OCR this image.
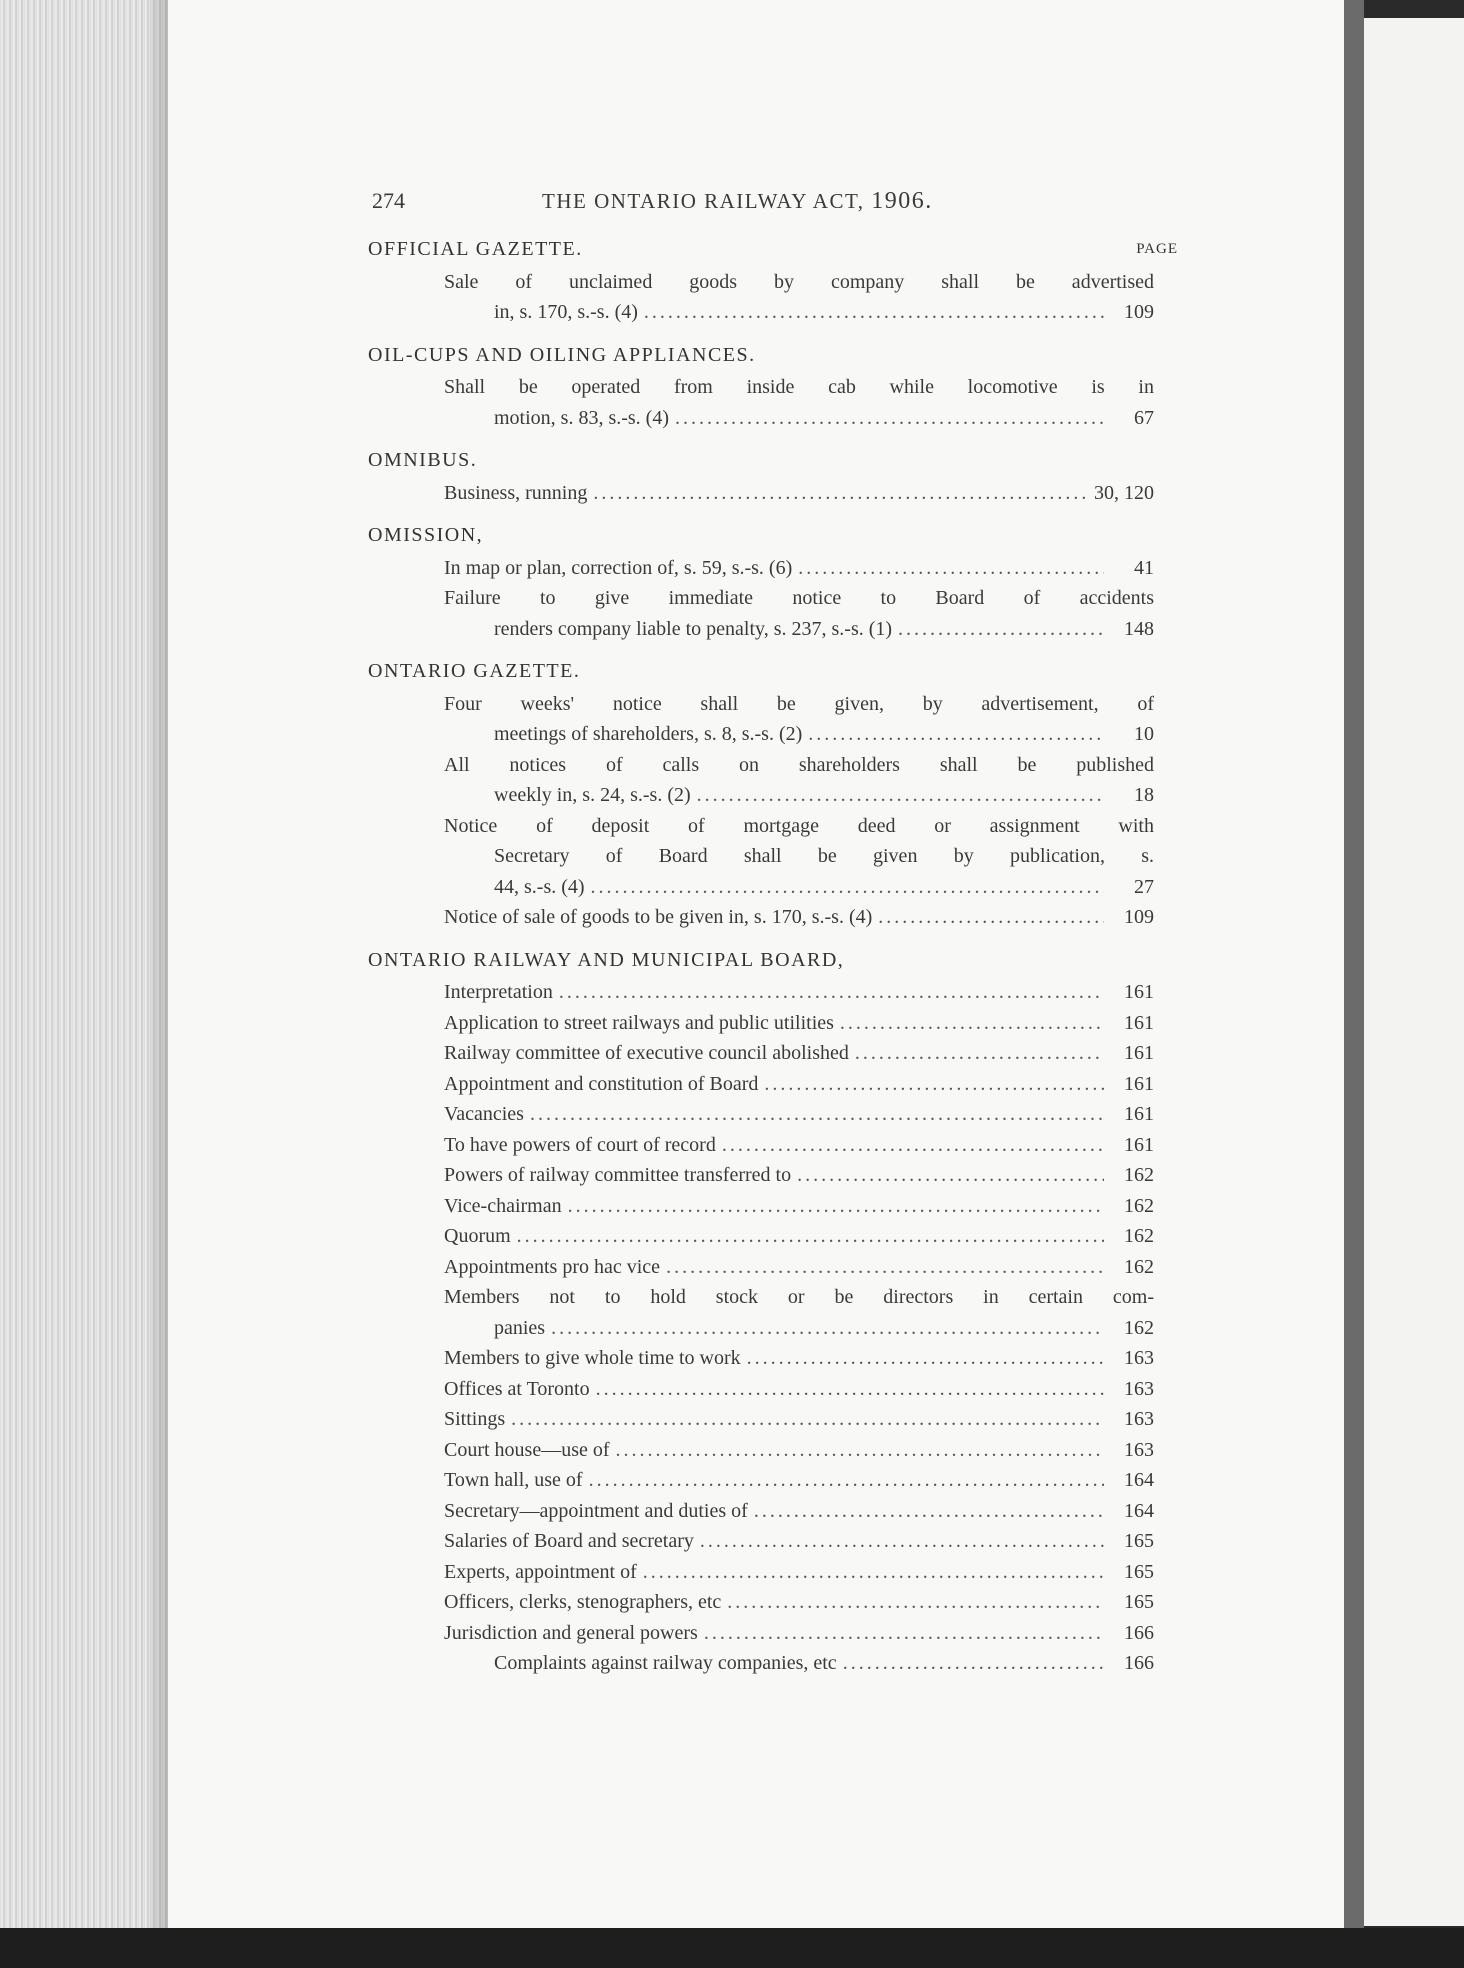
274	THE ONTARIO RAILWAY ACT, 1906.
OFFICIAL GAZETTE.	PAGE
Sale of unclaimed goods by company shall be advertised
in, s. 170, s.-s. (4) .....	109
OIL-CUPS AND OILING APPLIANCES.
Shall be operated from inside cab while locomotive is in
motion, s. 83, s.-s. (4) .....	67
OMNIBUS.
Business, running .....	30, 120
OMISSION,
In map or plan, correction of, s. 59, s.-s. (6) .....	41
Failure to give immediate notice to Board of accidents
renders company liable to penalty, s. 237, s.-s. (1) .....	148
ONTARIO GAZETTE.
Four weeks' notice shall be given, by advertisement, of
meetings of shareholders, s. 8, s.-s. (2) .....	10
All notices of calls on shareholders shall be published
weekly in, s. 24, s.-s. (2) .....	18
Notice of deposit of mortgage deed or assignment with
Secretary of Board shall be given by publication, s.
44, s.-s. (4) .....	27
Notice of sale of goods to be given in, s. 170, s.-s. (4) .....	109
ONTARIO RAILWAY AND MUNICIPAL BOARD,
Interpretation .....	161
Application to street railways and public utilities .....	161
Railway committee of executive council abolished .....	161
Appointment and constitution of Board .....	161
Vacancies .....	161
To have powers of court of record .....	161
Powers of railway committee transferred to .....	162
Vice-chairman .....	162
Quorum .....	162
Appointments pro hac vice .....	162
Members not to hold stock or be directors in certain com-
panies .....	162
Members to give whole time to work .....	163
Offices at Toronto .....	163
Sittings .....	163
Court house—use of .....	163
Town hall, use of .....	164
Secretary—appointment and duties of .....	164
Salaries of Board and secretary .....	165
Experts, appointment of .....	165
Officers, clerks, stenographers, etc .....	165
Jurisdiction and general powers .....	166
Complaints against railway companies, etc .....	166
